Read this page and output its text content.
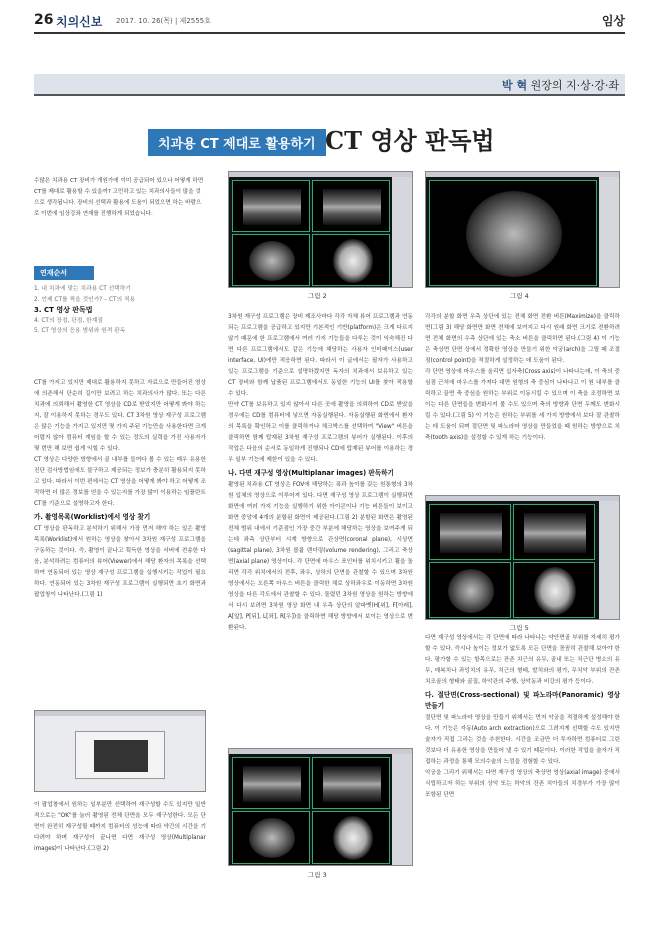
26 치의신보 2017. 10. 26(목) | 제2555호	임상
박 혁 원장의 지·상·강·좌
치과용 CT 제대로 활용하기 CT 영상 판독법
수많은 치과용 CT 장비가 개원가에 이미 공급되어 있으나 어떻게 하면 CT를 제대로 활용할 수 있을까? 고민하고 있는 치과의사들이 많을 것으로 생각됩니다. 장비의 선택과 활용에 도움이 되었으면 하는 바람으로 이번에 임상강좌 연재를 진행하게 되었습니다.
연재순서
1. 내 치과에 맞는 치과용 CT 선택하기
2. 언제 CT를 찍을 것인가? – CT의 적용
3. CT 영상 판독법
4. CT의 장점, 단점, 한계점
5. CT 영상의 응용 범위와 원격 판독

CT를 가지고 있지만 제대로 활용하지 못하고 자료으로 만들어진 영상에 의존해서 단순히 길이만 보려고 하는 치과의사가 많다. 또는 다른 치과에 의뢰해서 촬영한 CT 영상을 CD로 받았지만 어떻게 봐야 하는지, 잘 이용하지 못하는 경우도 있다. CT 3차원 영상 재구성 프로그램은 많은 기능을 가지고 있지만 몇 가지 주된 기능만을 사용한다면 크게 어렵지 않아 컴퓨터 게임을 할 수 있는 정도의 실력을 가진 사용자가 몇 번만 해 보면 쉽게 익힐 수 있다.

CT 영상은 다양한 방향에서 골 내부를 들여다 볼 수 있는 매우 유용한 진단 검사방법임에도 불구하고 제공되는 정보가 충분히 활용되지 못하고 있다. 따라서 이번 편에서는 CT 영상을 어떻게 봐야 하고 어떻게 조작하면 더 많은 정보를 얻을 수 있는지를 가장 많이 이용하는 임플란트 CT를 기준으로 설명하고자 한다.

가. 촬영목록(Worklist)에서 영상 찾기

CT 영상을 판독하고 분석하기 위해서 가장 먼저 해야 하는 일은 촬영목록(Worklist)에서 원하는 영상을 찾아서 3차원 재구성 프로그램을 구동하는 것이다. 즉, 촬영이 끝나고 획득한 영상을 서버에 전송한 다음, 분석하려는 컴퓨터의 뷰어(Viewer)에서 해당 환자의 목록을 선택하여 연동되어 있는 영상 재구성 프로그램을 실행시키는 작업이 필요하다. 연동되어 있는 3차원 재구성 프로그램이 실행되면 초기 화면과 팝업창이 나타난다.(그림 1)

이 팝업창에서 원하는 일부분만 선택하여 재구성할 수도 있지만 일반적으로는 "OK"를 눌러 촬영된 전체 단면을 모두 재구성한다. 모든 단면이 완전히 재구성될 때까지 컴퓨터의 성능에 따라 약간의 시간을 기다려야 하며 재구성이 끝나면 다면 재구성 영상(Multiplanar images)이 나타난다.(그림 2)

그림 2	그림 4

3차원 재구성 프로그램은 장비 제조사마다 각각 자체 뷰어 프로그램과 연동되는 프로그램을 공급하고 있지만 기본적인 기반(platform)은 크게 다르지 않기 때문에 한 프로그램에서 여러 가지 기능들을 다루는 것이 익숙해진 다면 다른 프로그램에서도 같은 기능에 해당하는 사용자 인터페이스(user interface, UI)에만 적응하면 된다. 따라서 이 글에서는 필자가 사용하고 있는 프로그램을 기준으로 설명하겠지만 독자의 치과에서 보유하고 있는 CT 장비와 함께 납품된 프로그램에서도 동일한 기능의 UI를 찾아 적용할 수 있다.

만약 CT를 보유하고 있지 않아서 다른 곳에 촬영을 의뢰하여 CD로 받았을 경우에는 CD를 컴퓨터에 넣으면 자동실행된다. 자동실행된 화면에서 환자의 목록을 확인하고 이를 클릭하거나 체크박스를 선택하여 "View" 버튼을 클릭하면 함께 탑재된 3차원 재구성 프로그램의 뷰어가 실행된다. 이후의 작업은 다음의 순서로 동일하게 진행되나 CD에 탑재된 뷰어를 이용하는 경우 일부 기능에 제한이 있을 수 있다.

나. 다면 재구성 영상(Multiplanar images) 판독하기

촬영된 치과용 CT 영상은 FOV에 해당하는 폭과 높이를 갖는 원통형의 3차원 입체의 영상으로 이루어져 있다. 다면 재구성 영상 프로그램이 실행되면 화면에 여러 가지 기능을 실행하기 위한 아이콘이나 기능 버튼들이 보이고 화면 중앙에 4개의 분할된 화면이 제공된다.(그림 2) 분할된 화면은 촬영된 전체 범위 내에서 기준점인 가장 중간 부분에 해당하는 영상을 보여주게 되는데 좌측 상단부터 시계 방향으로 관상면(coronal plane), 시상면(sagittal plane), 3차원 볼륨 렌더링(volume rendering), 그리고 축상면(axial plane) 영상이다. 각 단면에 마우스 포인터를 위치시키고 휠을 돌리면 각각 위치에서의 전후, 좌우, 상하의 단면을 관찰할 수 있으며 3차원 영상에서는 오른쪽 마우스 버튼을 클릭한 채로 상하좌우로 이동하면 3차원 영상을 다른 각도에서 관찰할 수 있다. 돌렸던 3차원 영상을 원하는 방향에서 다시 보려면 3차원 영상 화면 내 우측 상단의 알파벳(H[위], F[아래], A[앞], P[뒤], L[좌], R[우])을 클릭하면 해당 방향에서 보이는 영상으로 변환된다.

그림 3

각각의 분할 화면 우측 상단에 있는 전체 화면 전환 버튼(Maximize)을 클릭하면(그림 3) 해당 화면만 화면 전체에 보여지고 다시 원래 화면 크기로 전환하려면 전체 화면의 우측 상단에 있는 축소 버튼을 클릭하면 된다.(그림 4) 이 기능은 축상면 단면 상에서 정확한 영상을 만들기 위한 악궁(arch)을 그릴 때 조절점(control point)을 적절하게 설정하는 데 도움이 된다.

각 단면 영상에 마우스를 올리면 십자축(Cross axis)이 나타나는데, 이 축의 중심점 근처에 마우스를 가져다 대면 원형의 축 중심이 나타나고 이 원 내부를 클릭하고 끌면 축 중심을 원하는 부위로 이동시킬 수 있으며 이 축을 조정하면 보이는 다른 단면들을 변화시켜 볼 수도 있으며 축의 방향과 단면 두께도 변화시킬 수 있다.(그림 5) 이 기능은 원하는 부위를 세 가지 방향에서 보다 잘 관찰하는 데 도움이 되며 절단면 및 파노라마 영상을 만들었을 때 원하는 방향으로 치축(tooth axis)을 설정할 수 있게 하는 기능이다.

그림 5

다면 재구성 영상에서는 각 단면에 따라 나타나는 약안면골 부위를 자세히 평가할 수 있다. 즉시나 높이는 정보가 없도록 모든 단면을 꼼꼼히 관찰해 보아야 한다. 평가할 수 있는 항목으로는 잔존 치근의 유무, 골내 또는 치근단 병소의 유무, 매복치나 과잉치의 유무, 치근의 형태, 발치와의 평가, 무치악 부위의 잔존 치조골의 형태와 골질, 하악관의 주행, 상악동과 비강의 평가 등이다.

다. 절단면(Cross-sectional) 및 파노라마(Panoramic) 영상 만들기

절단면 및 파노라마 영상을 만들기 위해서는 먼저 악궁을 적절하게 설정해야 한다. 이 기능은 자동(Auto arch extraction)으로 그려지게 선택할 수도 있지만 술자가 직접 그리는 것을 추천한다. 시간을 조금만 더 투자하면 컴퓨터로 그린 것보다 더 유용한 영상을 만들어 낼 수 있기 때문이다. 이러한 작업을 술자가 직접하는 과정을 통해 모의수술의 느낌을 경험할 수 있다.

악궁을 그리기 위해서는 다면 재구성 영상의 축상면 영상(axial image) 중에서 식립하고자 하는 부위의 상악 또는 하악의 잔존 치아들의 치경부가 가장 많이 포함된 단면
